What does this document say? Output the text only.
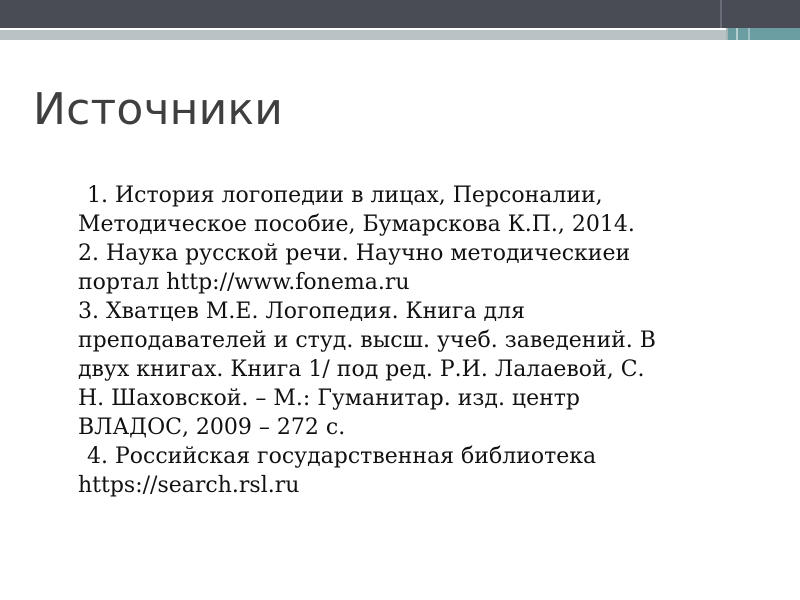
Источники
1. История логопедии в лицах, Персоналии,
Методическое пособие, Бумарскова К.П., 2014.
2. Наука русской речи. Научно методическиеи
портал http://www.fonema.ru
3. Хватцев М.Е. Логопедия. Книга для
преподавателей и студ. высш. учеб. заведений. В
двух книгах. Книга 1/ под ред. Р.И. Лалаевой, С.
Н. Шаховской. – М.: Гуманитар. изд. центр
ВЛАДОС, 2009 – 272 с.
4. Российская государственная библиотека
https://search.rsl.ru
